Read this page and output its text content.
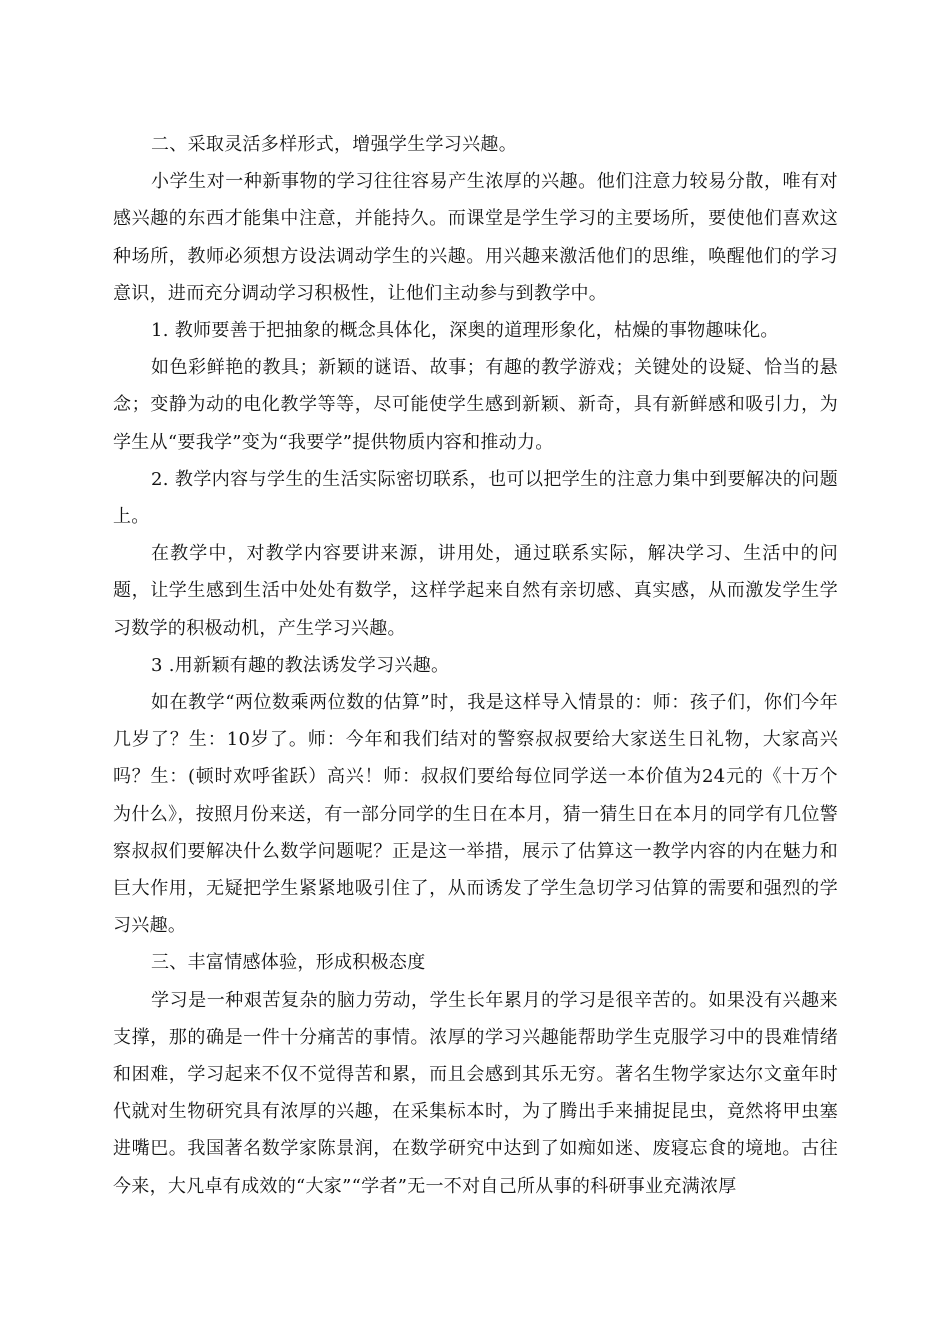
二、采取灵活多样形式，增强学生学习兴趣。

小学生对一种新事物的学习往往容易产生浓厚的兴趣。他们注意力较易分散，唯有对感兴趣的东西才能集中注意，并能持久。而课堂是学生学习的主要场所，要使他们喜欢这种场所，教师必须想方设法调动学生的兴趣。用兴趣来激活他们的思维，唤醒他们的学习意识，进而充分调动学习积极性，让他们主动参与到教学中。

1. 教师要善于把抽象的概念具体化，深奥的道理形象化，枯燥的事物趣味化。

如色彩鲜艳的教具；新颖的谜语、故事；有趣的教学游戏；关键处的设疑、恰当的悬念；变静为动的电化教学等等，尽可能使学生感到新颖、新奇，具有新鲜感和吸引力，为学生从“要我学”变为“我要学”提供物质内容和推动力。

2. 教学内容与学生的生活实际密切联系，也可以把学生的注意力集中到要解决的问题上。

在教学中，对教学内容要讲来源，讲用处，通过联系实际，解决学习、生活中的问题，让学生感到生活中处处有数学，这样学起来自然有亲切感、真实感，从而激发学生学习数学的积极动机，产生学习兴趣。

3 .用新颖有趣的教法诱发学习兴趣。

如在教学“两位数乘两位数的估算”时，我是这样导入情景的：师：孩子们，你们今年几岁了？生：10岁了。师：今年和我们结对的警察叔叔要给大家送生日礼物，大家高兴吗？生：(顿时欢呼雀跃）高兴！师：叔叔们要给每位同学送一本价值为24元的《十万个为什么》，按照月份来送，有一部分同学的生日在本月，猜一猜生日在本月的同学有几位警察叔叔们要解决什么数学问题呢？正是这一举措，展示了估算这一教学内容的内在魅力和巨大作用，无疑把学生紧紧地吸引住了，从而诱发了学生急切学习估算的需要和强烈的学习兴趣。

三、丰富情感体验，形成积极态度

学习是一种艰苦复杂的脑力劳动，学生长年累月的学习是很辛苦的。如果没有兴趣来支撑，那的确是一件十分痛苦的事情。浓厚的学习兴趣能帮助学生克服学习中的畏难情绪和困难，学习起来不仅不觉得苦和累，而且会感到其乐无穷。著名生物学家达尔文童年时代就对生物研究具有浓厚的兴趣，在采集标本时，为了腾出手来捕捉昆虫，竟然将甲虫塞进嘴巴。我国著名数学家陈景润，在数学研究中达到了如痴如迷、废寝忘食的境地。古往今来，大凡卓有成效的“大家”“学者”无一不对自己所从事的科研事业充满浓厚
